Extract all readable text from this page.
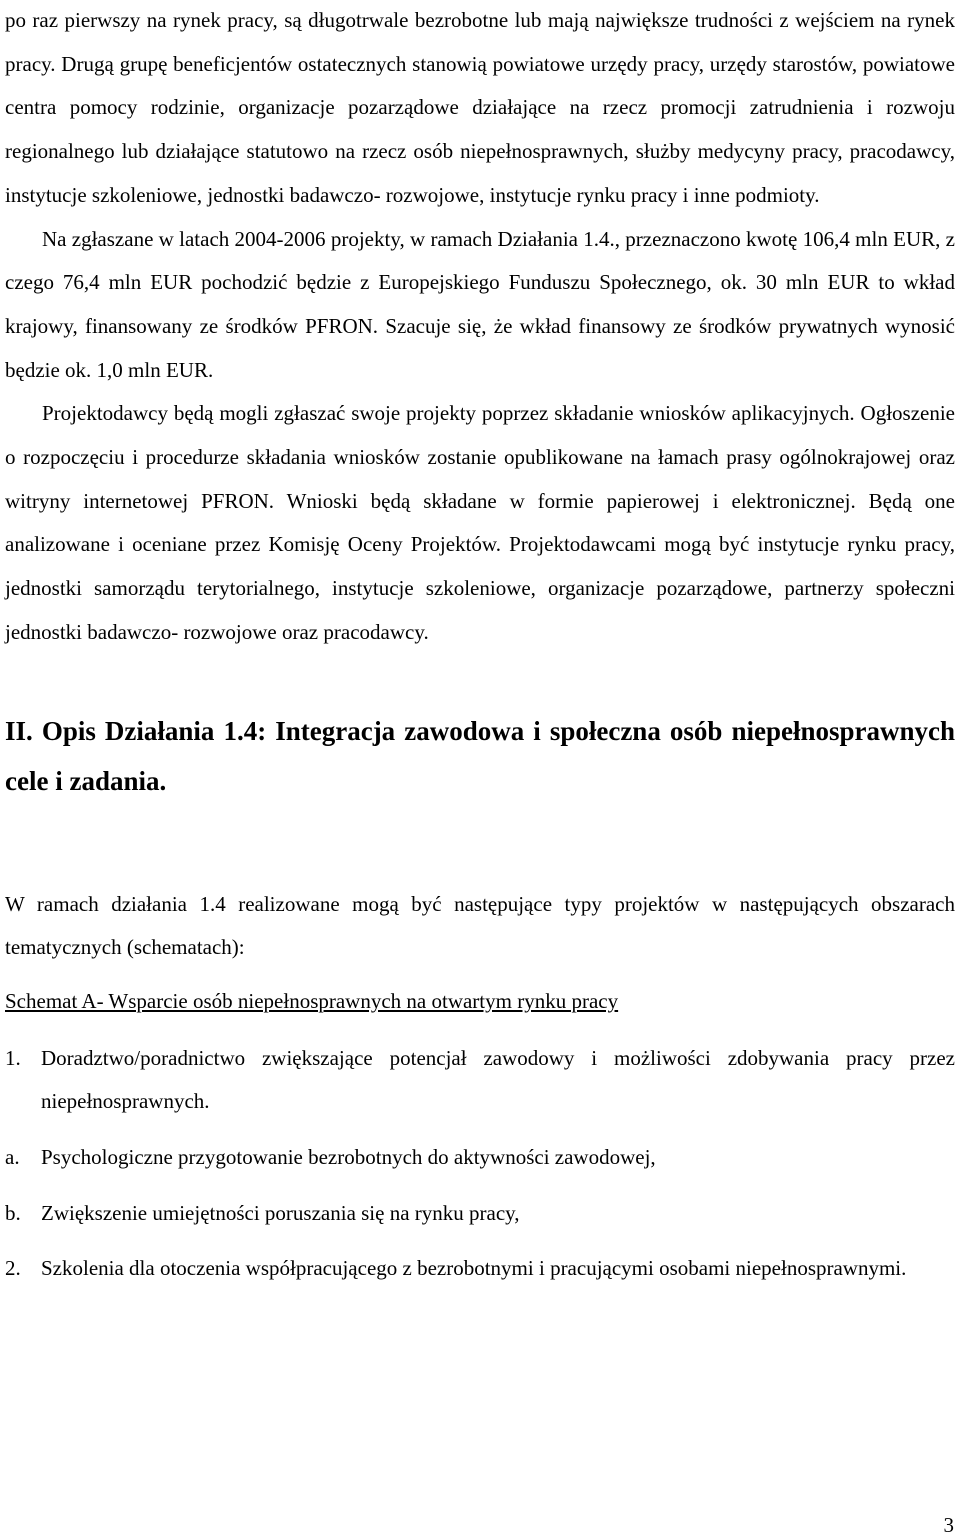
po raz pierwszy na rynek pracy, są długotrwale bezrobotne lub mają największe trudności z wejściem na rynek pracy. Drugą grupę beneficjentów ostatecznych stanowią powiatowe urzędy pracy, urzędy starostów, powiatowe centra pomocy rodzinie, organizacje pozarządowe działające na rzecz promocji zatrudnienia i rozwoju regionalnego lub działające statutowo na rzecz osób niepełnosprawnych, służby medycyny pracy, pracodawcy, instytucje szkoleniowe, jednostki badawczo- rozwojowe, instytucje rynku pracy i inne podmioty.

Na zgłaszane w latach 2004-2006 projekty, w ramach Działania 1.4., przeznaczono kwotę 106,4 mln EUR, z czego 76,4 mln EUR pochodzić będzie z Europejskiego Funduszu Społecznego, ok. 30 mln EUR to wkład krajowy, finansowany ze środków PFRON. Szacuje się, że wkład finansowy ze środków prywatnych wynosić będzie ok. 1,0 mln EUR.

Projektodawcy będą mogli zgłaszać swoje projekty poprzez składanie wniosków aplikacyjnych. Ogłoszenie o rozpoczęciu i procedurze składania wniosków zostanie opublikowane na łamach prasy ogólnokrajowej oraz witryny internetowej PFRON. Wnioski będą składane w formie papierowej i elektronicznej. Będą one analizowane i oceniane przez Komisję Oceny Projektów. Projektodawcami mogą być instytucje rynku pracy, jednostki samorządu terytorialnego, instytucje szkoleniowe, organizacje pozarządowe, partnerzy społeczni jednostki badawczo- rozwojowe oraz pracodawcy.

II. Opis Działania 1.4: Integracja zawodowa i społeczna osób niepełnosprawnych cele i zadania.

W ramach działania 1.4 realizowane mogą być następujące typy projektów w następujących obszarach tematycznych (schematach):

Schemat A- Wsparcie osób niepełnosprawnych na otwartym rynku pracy

1. Doradztwo/poradnictwo zwiększające potencjał zawodowy i możliwości zdobywania pracy przez niepełnosprawnych.
a.	Psychologiczne przygotowanie bezrobotnych do aktywności zawodowej,
b. Zwiększenie umiejętności poruszania się na rynku pracy,
2. Szkolenia dla otoczenia współpracującego z bezrobotnymi i pracującymi osobami niepełnosprawnymi.
3
